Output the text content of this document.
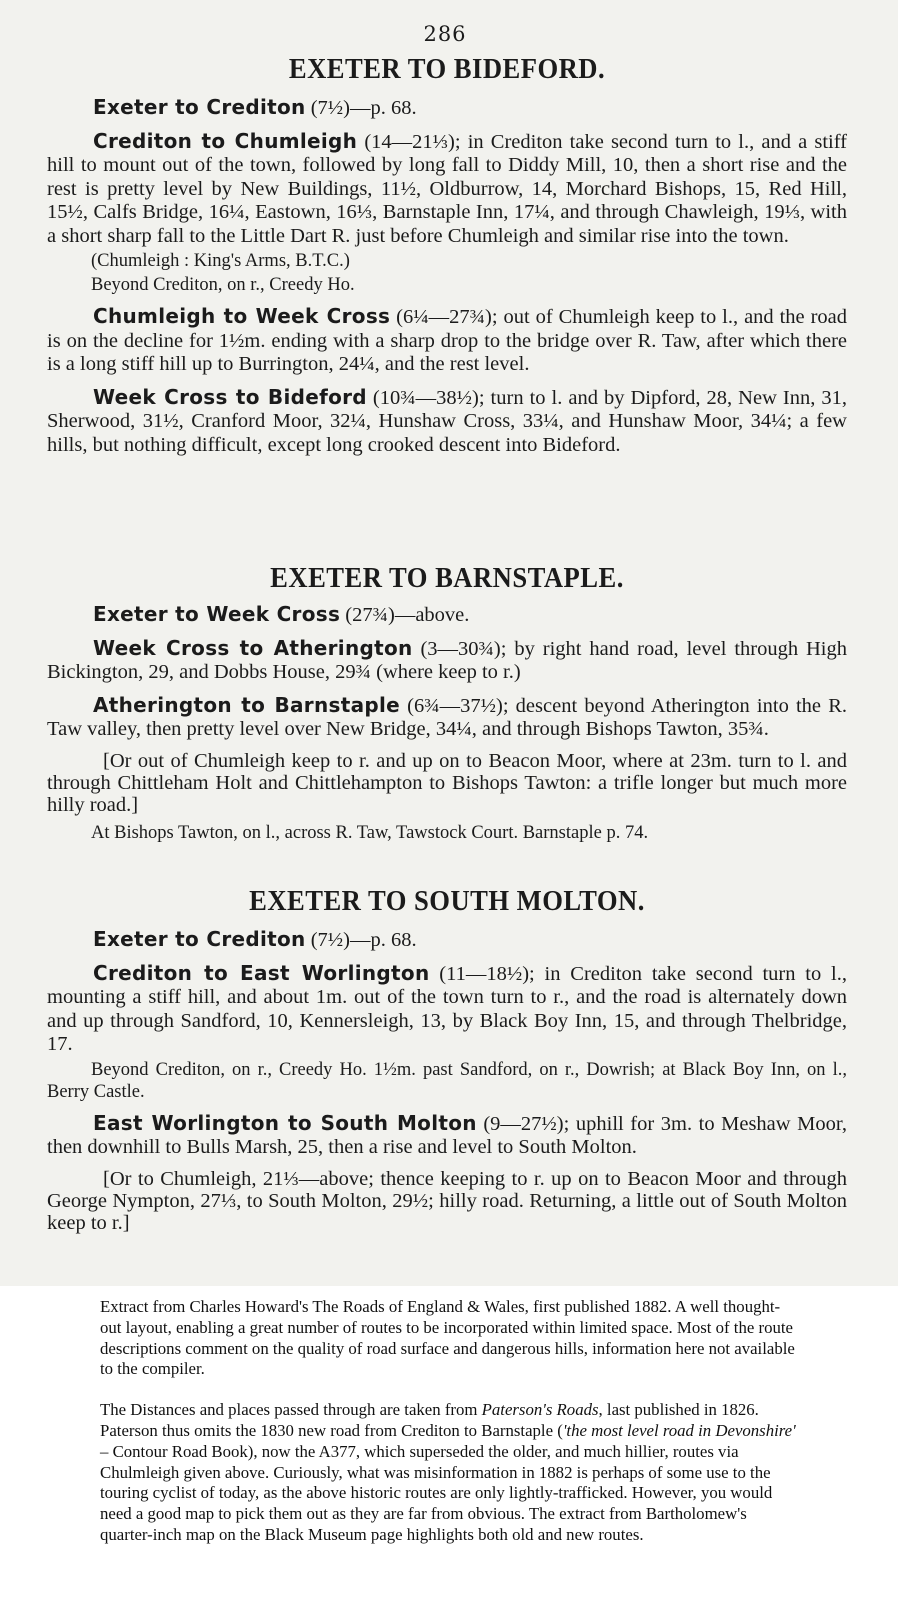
286
EXETER TO BIDEFORD.

Exeter to Crediton (7½)—p. 68.

Crediton to Chumleigh (14—21⅓); in Crediton take second turn to l., and a stiff hill to mount out of the town, followed by long fall to Diddy Mill, 10, then a short rise and the rest is pretty level by New Buildings, 11½, Oldburrow, 14, Morchard Bishops, 15, Red Hill, 15½, Calfs Bridge, 16¼, Eastown, 16⅓, Barnstaple Inn, 17¼, and through Chawleigh, 19⅓, with a short sharp fall to the Little Dart R. just before Chumleigh and similar rise into the town.

(Chumleigh : King's Arms, B.T.C.)

Beyond Crediton, on r., Creedy Ho.

Chumleigh to Week Cross (6¼—27¾); out of Chumleigh keep to l., and the road is on the decline for 1½m. ending with a sharp drop to the bridge over R. Taw, after which there is a long stiff hill up to Burrington, 24¼, and the rest level.

Week Cross to Bideford (10¾—38½); turn to l. and by Dipford, 28, New Inn, 31, Sherwood, 31½, Cranford Moor, 32¼, Hunshaw Cross, 33¼, and Hunshaw Moor, 34¼; a few hills, but nothing difficult, except long crooked descent into Bideford.

EXETER TO BARNSTAPLE.

Exeter to Week Cross (27¾)—above.

Week Cross to Atherington (3—30¾); by right hand road, level through High Bickington, 29, and Dobbs House, 29¾ (where keep to r.)

Atherington to Barnstaple (6¾—37½); descent beyond Atherington into the R. Taw valley, then pretty level over New Bridge, 34¼, and through Bishops Tawton, 35¾.

[Or out of Chumleigh keep to r. and up on to Beacon Moor, where at 23m. turn to l. and through Chittleham Holt and Chittlehampton to Bishops Tawton: a trifle longer but much more hilly road.]

At Bishops Tawton, on l., across R. Taw, Tawstock Court. Barnstaple p. 74.

EXETER TO SOUTH MOLTON.

Exeter to Crediton (7½)—p. 68.

Crediton to East Worlington (11—18½); in Crediton take second turn to l., mounting a stiff hill, and about 1m. out of the town turn to r., and the road is alternately down and up through Sandford, 10, Kennersleigh, 13, by Black Boy Inn, 15, and through Thelbridge, 17.

Beyond Crediton, on r., Creedy Ho. 1½m. past Sandford, on r., Dowrish; at Black Boy Inn, on l., Berry Castle.

East Worlington to South Molton (9—27½); uphill for 3m. to Meshaw Moor, then downhill to Bulls Marsh, 25, then a rise and level to South Molton.

[Or to Chumleigh, 21⅓—above; thence keeping to r. up on to Beacon Moor and through George Nympton, 27⅓, to South Molton, 29½; hilly road. Returning, a little out of South Molton keep to r.]

Extract from Charles Howard's The Roads of England & Wales, first published 1882. A well thought-out layout, enabling a great number of routes to be incorporated within limited space. Most of the route descriptions comment on the quality of road surface and dangerous hills, information here not available to the compiler.

The Distances and places passed through are taken from Paterson's Roads, last published in 1826. Paterson thus omits the 1830 new road from Crediton to Barnstaple ('the most level road in Devonshire' – Contour Road Book), now the A377, which superseded the older, and much hillier, routes via Chulmleigh given above. Curiously, what was misinformation in 1882 is perhaps of some use to the touring cyclist of today, as the above historic routes are only lightly-trafficked. However, you would need a good map to pick them out as they are far from obvious. The extract from Bartholomew's quarter-inch map on the Black Museum page highlights both old and new routes.
